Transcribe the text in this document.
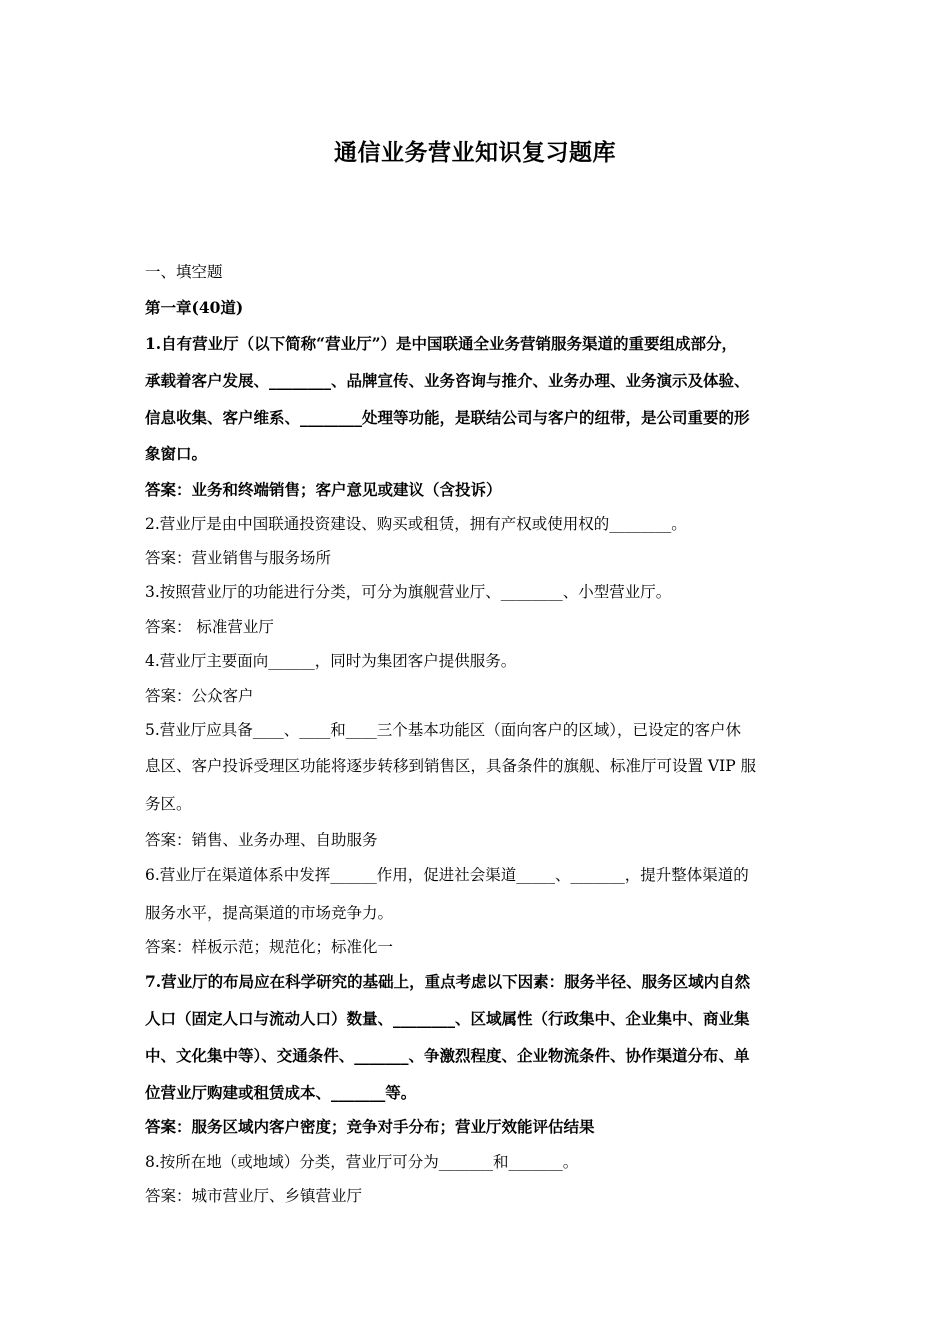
通信业务营业知识复习题库
一、填空题
第一章(40道)
1.自有营业厅（以下简称“营业厅”）是中国联通全业务营销服务渠道的重要组成部分，
承载着客户发展、________、品牌宣传、业务咨询与推介、业务办理、业务演示及体验、
信息收集、客户维系、________处理等功能，是联结公司与客户的纽带，是公司重要的形
象窗口。
答案：业务和终端销售；客户意见或建议（含投诉）
2.营业厅是由中国联通投资建设、购买或租赁，拥有产权或使用权的________。
答案：营业销售与服务场所
3.按照营业厅的功能进行分类，可分为旗舰营业厅、________、小型营业厅。
答案： 标准营业厅
4.营业厅主要面向______，同时为集团客户提供服务。
答案：公众客户
5.营业厅应具备____、____和____三个基本功能区（面向客户的区域），已设定的客户休
息区、客户投诉受理区功能将逐步转移到销售区，具备条件的旗舰、标准厅可设置 VIP 服
务区。
答案：销售、业务办理、自助服务
6.营业厅在渠道体系中发挥______作用，促进社会渠道_____、_______，提升整体渠道的
服务水平，提高渠道的市场竞争力。
答案：样板示范；规范化；标准化一
7.营业厅的布局应在科学研究的基础上，重点考虑以下因素：服务半径、服务区域内自然
人口（固定人口与流动人口）数量、________、区域属性（行政集中、企业集中、商业集
中、文化集中等）、交通条件、_______、争激烈程度、企业物流条件、协作渠道分布、单
位营业厅购建或租赁成本、_______等。
答案：服务区域内客户密度；竞争对手分布；营业厅效能评估结果
8.按所在地（或地域）分类，营业厅可分为_______和_______。
答案：城市营业厅、乡镇营业厅
